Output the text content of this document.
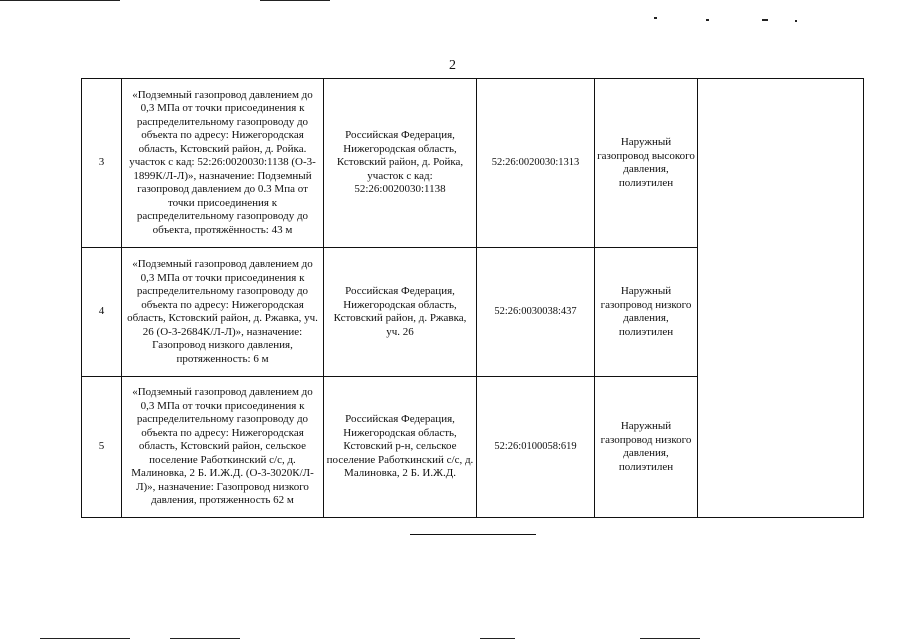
2
3	«Подземный газопровод давлением до 0,3 МПа от точки присоединения к распределительному газопроводу до объекта по адресу: Нижегородская область, Кстовский район, д. Ройка. участок с кад: 52:26:0020030:1138 (О-3-1899К/Л-Л)», назначение: Подземный газопровод давлением до 0.3 Мпа от точки присоединения к распределительному газопроводу до объекта, протяжённость: 43 м	Российская Федерация, Нижегородская область, Кстовский район, д. Ройка, участок с кад: 52:26:0020030:1138	52:26:0020030:1313	Наружный газопровод высокого давления, полиэтилен	
4	«Подземный газопровод давлением до 0,3 МПа от точки присоединения к распределительному газопроводу до объекта по адресу: Нижегородская область, Кстовский район, д. Ржавка, уч. 26 (О-3-2684К/Л-Л)», назначение: Газопровод низкого давления, протяженность: 6 м	Российская Федерация, Нижегородская область, Кстовский район, д. Ржавка, уч. 26	52:26:0030038:437	Наружный газопровод низкого давления, полиэтилен	
5	«Подземный газопровод давлением до 0,3 МПа от точки присоединения к распределительному газопроводу до объекта по адресу: Нижегородская область, Кстовский район, сельское поселение Работкинский с/с, д. Малиновка, 2 Б. И.Ж.Д. (О-3-3020К/Л-Л)», назначение: Газопровод низкого давления, протяженность 62 м	Российская Федерация, Нижегородская область, Кстовский р-н, сельское поселение Работкинский с/с, д. Малиновка, 2 Б. И.Ж.Д.	52:26:0100058:619	Наружный газопровод низкого давления, полиэтилен	
